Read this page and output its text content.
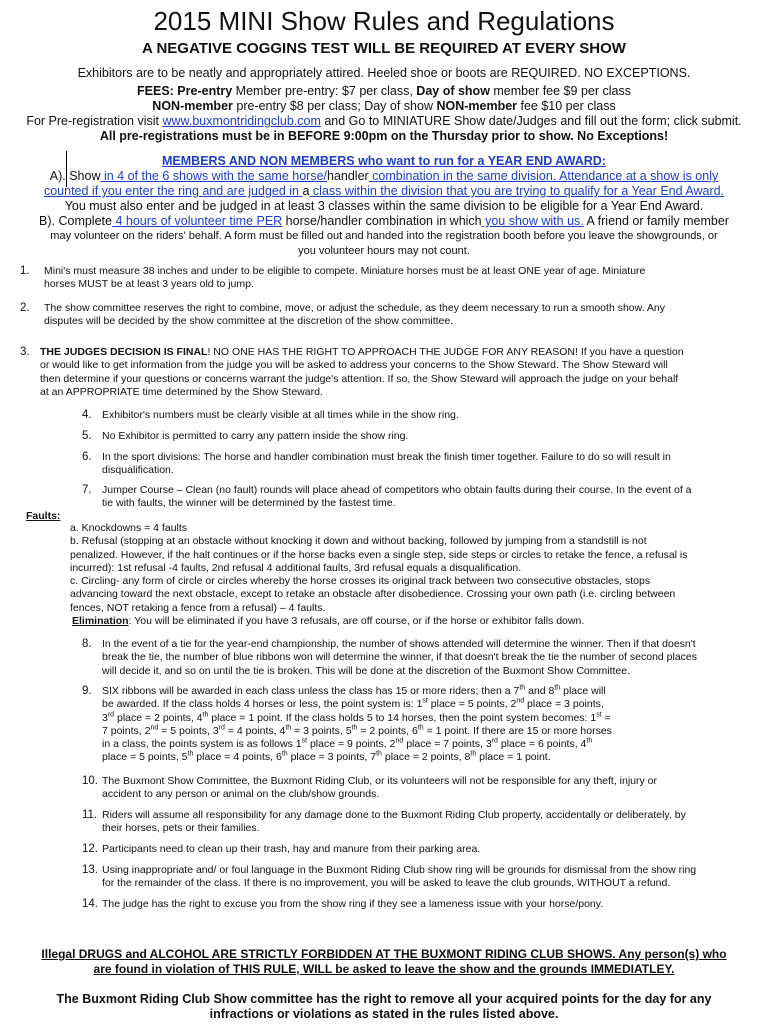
2015 MINI Show Rules and Regulations
A NEGATIVE COGGINS TEST WILL BE REQUIRED AT EVERY SHOW
Exhibitors are to be neatly and appropriately attired. Heeled shoe or boots are REQUIRED. NO EXCEPTIONS.
FEES: Pre-entry Member pre-entry: $7 per class, Day of show member fee $9 per class
NON-member pre-entry $8 per class; Day of show NON-member fee $10 per class
For Pre-registration visit www.buxmontridingclub.com and Go to MINIATURE Show date/Judges and fill out the form; click submit.
All pre-registrations must be in BEFORE 9:00pm on the Thursday prior to show. No Exceptions!
MEMBERS AND NON MEMBERS who want to run for a YEAR END AWARD:
A). Show in 4 of the 6 shows with the same horse/handler combination in the same division. Attendance at a show is only
counted if you enter the ring and are judged in a class within the division that you are trying to qualify for a Year End Award.
You must also enter and be judged in at least 3 classes within the same division to be eligible for a Year End Award.
B). Complete 4 hours of volunteer time PER horse/handler combination in which you show with us. A friend or family member
may volunteer on the riders' behalf. A form must be filled out and handed into the registration booth before you leave the showgrounds, or
you volunteer hours may not count.
1. Mini's must measure 38 inches and under to be eligible to compete. Miniature horses must be at least ONE year of age. Miniature
horses MUST be at least 3 years old to jump.
2. The show committee reserves the right to combine, move, or adjust the schedule, as they deem necessary to run a smooth show. Any
disputes will be decided by the show committee at the discretion of the show committee.
3. THE JUDGES DECISION IS FINAL! NO ONE HAS THE RIGHT TO APPROACH THE JUDGE FOR ANY REASON! If you have a question
or would like to get information from the judge you will be asked to address your concerns to the Show Steward. The Show Steward will
then determine if your questions or concerns warrant the judge's attention. If so, the Show Steward will approach the judge on your behalf
at an APPROPRIATE time determined by the Show Steward.
4. Exhibitor's numbers must be clearly visible at all times while in the show ring.
5. No Exhibitor is permitted to carry any pattern inside the show ring.
6. In the sport divisions: The horse and handler combination must break the finish timer together. Failure to do so will result in
disqualification.
7. Jumper Course – Clean (no fault) rounds will place ahead of competitors who obtain faults during their course. In the event of a
tie with faults, the winner will be determined by the fastest time.
Faults:
a. Knockdowns = 4 faults
b. Refusal (stopping at an obstacle without knocking it down and without backing, followed by jumping from a standstill is not
penalized. However, if the halt continues or if the horse backs even a single step, side steps or circles to retake the fence, a refusal is
incurred): 1st refusal -4 faults, 2nd refusal 4 additional faults, 3rd refusal equals a disqualification.
c. Circling- any form of circle or circles whereby the horse crosses its original track between two consecutive obstacles, stops
advancing toward the next obstacle, except to retake an obstacle after disobedience. Crossing your own path (i.e. circling between
fences, NOT retaking a fence from a refusal) – 4 faults.
Elimination: You will be eliminated if you have 3 refusals, are off course, or if the horse or exhibitor falls down.
8. In the event of a tie for the year-end championship, the number of shows attended will determine the winner. Then if that doesn't
break the tie, the number of blue ribbons won will determine the winner, if that doesn't break the tie the number of second places
will decide it, and so on until the tie is broken. This will be done at the discretion of the Buxmont Show Committee.
9. SIX ribbons will be awarded in each class unless the class has 15 or more riders; then a 7th and 8th place will
be awarded. If the class holds 4 horses or less, the point system is: 1st place = 5 points, 2nd place = 3 points,
3rd place = 2 points, 4th place = 1 point. If the class holds 5 to 14 horses, then the point system becomes: 1st =
7 points, 2nd = 5 points, 3rd = 4 points, 4th = 3 points, 5th = 2 points, 6th = 1 point. If there are 15 or more horses
in a class, the points system is as follows 1st place = 9 points, 2nd place = 7 points, 3rd place = 6 points, 4th
place = 5 points, 5th place = 4 points, 6th place = 3 points, 7th place = 2 points, 8th place = 1 point.
10. The Buxmont Show Committee, the Buxmont Riding Club, or its volunteers will not be responsible for any theft, injury or
accident to any person or animal on the club/show grounds.
11. Riders will assume all responsibility for any damage done to the Buxmont Riding Club property, accidentally or deliberately, by
their horses, pets or their families.
12. Participants need to clean up their trash, hay and manure from their parking area.
13. Using inappropriate and/ or foul language in the Buxmont Riding Club show ring will be grounds for dismissal from the show ring
for the remainder of the class. If there is no improvement, you will be asked to leave the club grounds, WITHOUT a refund.
14. The judge has the right to excuse you from the show ring if they see a lameness issue with your horse/pony.
Illegal DRUGS and ALCOHOL ARE STRICTLY FORBIDDEN AT THE BUXMONT RIDING CLUB SHOWS. Any person(s) who
are found in violation of THIS RULE, WILL be asked to leave the show and the grounds IMMEDIATLEY.
The Buxmont Riding Club Show committee has the right to remove all your acquired points for the day for any
infractions or violations as stated in the rules listed above.
